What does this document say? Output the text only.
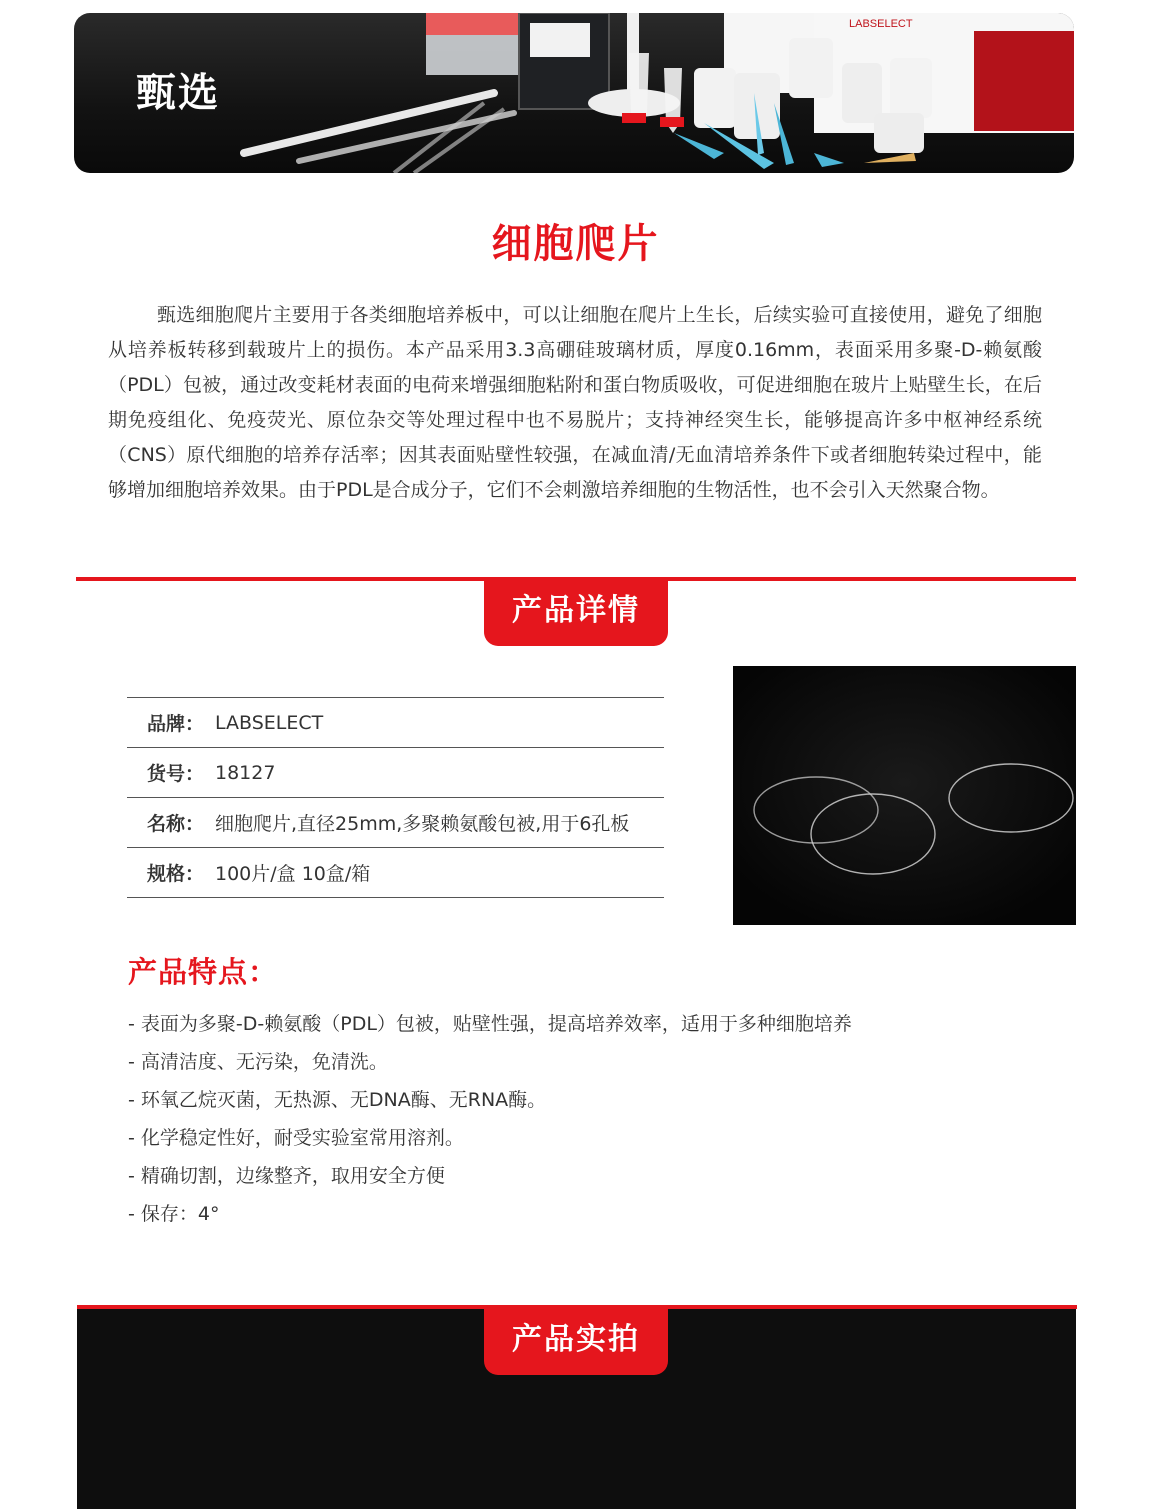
甄选
LABSELECT
细胞爬片

甄选细胞爬片主要用于各类细胞培养板中，可以让细胞在爬片上生长，后续实验可直接使用，避免了细胞从培养板转移到载玻片上的损伤。本产品采用3.3高硼硅玻璃材质，厚度0.16mm，表面采用多聚-D-赖氨酸（PDL）包被，通过改变耗材表面的电荷来增强细胞粘附和蛋白物质吸收，可促进细胞在玻片上贴壁生长，在后期免疫组化、免疫荧光、原位杂交等处理过程中也不易脱片；支持神经突生长，能够提高许多中枢神经系统（CNS）原代细胞的培养存活率；因其表面贴壁性较强，在减血清/无血清培养条件下或者细胞转染过程中，能够增加细胞培养效果。由于PDL是合成分子，它们不会刺激培养细胞的生物活性，也不会引入天然聚合物。

产品详情
品牌： LABSELECT
货号： 18127
名称： 细胞爬片,直径25mm,多聚赖氨酸包被,用于6孔板
规格： 100片/盒 10盒/箱
产品特点：
- 表面为多聚-D-赖氨酸（PDL）包被，贴壁性强，提高培养效率，适用于多种细胞培养
- 高清洁度、无污染，免清洗。
- 环氧乙烷灭菌，无热源、无DNA酶、无RNA酶。
- 化学稳定性好，耐受实验室常用溶剂。
- 精确切割，边缘整齐，取用安全方便
- 保存：4°
产品实拍
